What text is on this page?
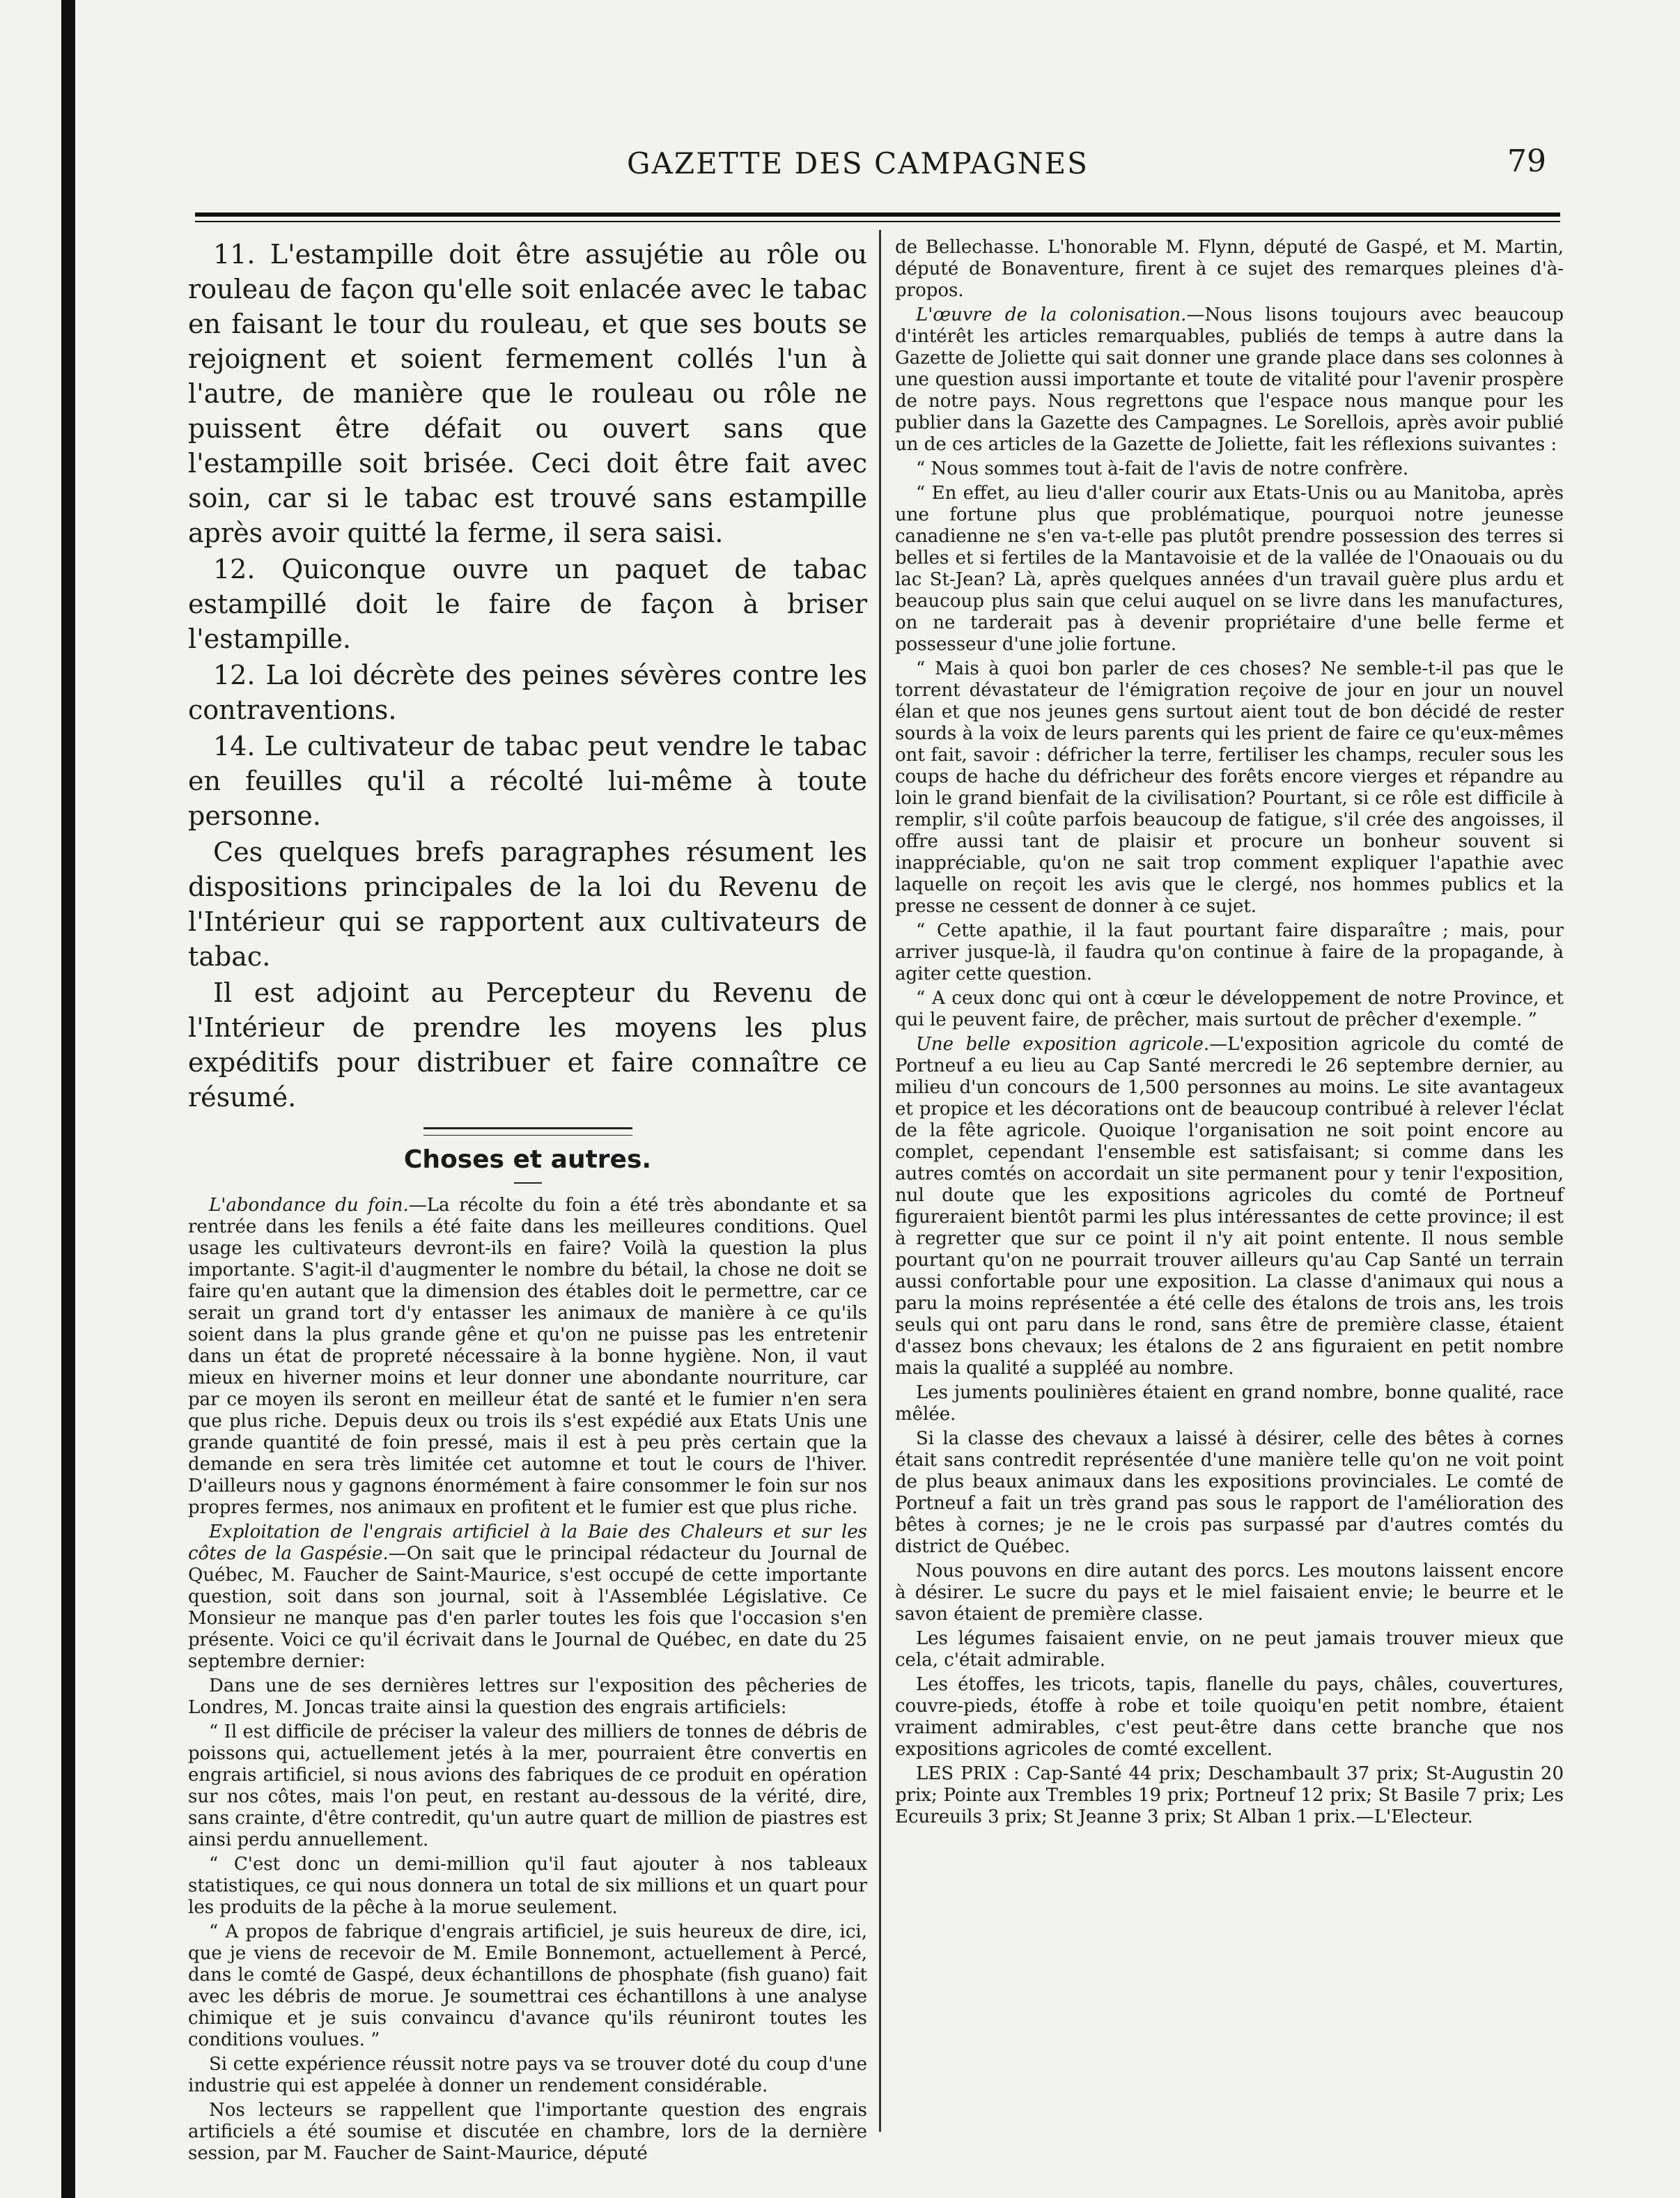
GAZETTE DES CAMPAGNES	79

11. L'estampille doit être assujétie au rôle ou rouleau de façon qu'elle soit enlacée avec le tabac en faisant le tour du rouleau, et que ses bouts se rejoignent et soient fermement collés l'un à l'autre, de manière que le rouleau ou rôle ne puissent être défait ou ouvert sans que l'estampille soit brisée. Ceci doit être fait avec soin, car si le tabac est trouvé sans estampille après avoir quitté la ferme, il sera saisi.

12. Quiconque ouvre un paquet de tabac estampillé doit le faire de façon à briser l'estampille.

12. La loi décrète des peines sévères contre les contraventions.

14. Le cultivateur de tabac peut vendre le tabac en feuilles qu'il a récolté lui-même à toute personne.

Ces quelques brefs paragraphes résument les dispositions principales de la loi du Revenu de l'Intérieur qui se rapportent aux cultivateurs de tabac.

Il est adjoint au Percepteur du Revenu de l'Intérieur de prendre les moyens les plus expéditifs pour distribuer et faire connaître ce résumé.

Choses et autres.

L'abondance du foin.—La récolte du foin a été très abondante et sa rentrée dans les fenils a été faite dans les meilleures conditions. Quel usage les cultivateurs devront-ils en faire? Voilà la question la plus importante. S'agit-il d'augmenter le nombre du bétail, la chose ne doit se faire qu'en autant que la dimension des étables doit le permettre, car ce serait un grand tort d'y entasser les animaux de manière à ce qu'ils soient dans la plus grande gêne et qu'on ne puisse pas les entretenir dans un état de propreté nécessaire à la bonne hygiène. Non, il vaut mieux en hiverner moins et leur donner une abondante nourriture, car par ce moyen ils seront en meilleur état de santé et le fumier n'en sera que plus riche. Depuis deux ou trois ils s'est expédié aux Etats Unis une grande quantité de foin pressé, mais il est à peu près certain que la demande en sera très limitée cet automne et tout le cours de l'hiver. D'ailleurs nous y gagnons énormément à faire consommer le foin sur nos propres fermes, nos animaux en profitent et le fumier est que plus riche.

Exploitation de l'engrais artificiel à la Baie des Chaleurs et sur les côtes de la Gaspésie.—On sait que le principal rédacteur du Journal de Québec, M. Faucher de Saint-Maurice, s'est occupé de cette importante question, soit dans son journal, soit à l'Assemblée Législative. Ce Monsieur ne manque pas d'en parler toutes les fois que l'occasion s'en présente. Voici ce qu'il écrivait dans le Journal de Québec, en date du 25 septembre dernier:

Dans une de ses dernières lettres sur l'exposition des pêcheries de Londres, M. Joncas traite ainsi la question des engrais artificiels:

“ Il est difficile de préciser la valeur des milliers de tonnes de débris de poissons qui, actuellement jetés à la mer, pourraient être convertis en engrais artificiel, si nous avions des fabriques de ce produit en opération sur nos côtes, mais l'on peut, en restant au-dessous de la vérité, dire, sans crainte, d'être contredit, qu'un autre quart de million de piastres est ainsi perdu annuellement.

“ C'est donc un demi-million qu'il faut ajouter à nos tableaux statistiques, ce qui nous donnera un total de six millions et un quart pour les produits de la pêche à la morue seulement.

“ A propos de fabrique d'engrais artificiel, je suis heureux de dire, ici, que je viens de recevoir de M. Emile Bonnemont, actuellement à Percé, dans le comté de Gaspé, deux échantillons de phosphate (fish guano) fait avec les débris de morue. Je soumettrai ces échantillons à une analyse chimique et je suis convaincu d'avance qu'ils réuniront toutes les conditions voulues. ”

Si cette expérience réussit notre pays va se trouver doté du coup d'une industrie qui est appelée à donner un rendement considérable.

Nos lecteurs se rappellent que l'importante question des engrais artificiels a été soumise et discutée en chambre, lors de la dernière session, par M. Faucher de Saint-Maurice, député

de Bellechasse. L'honorable M. Flynn, député de Gaspé, et M. Martin, député de Bonaventure, firent à ce sujet des remarques pleines d'à-propos.

L'œuvre de la colonisation.—Nous lisons toujours avec beaucoup d'intérêt les articles remarquables, publiés de temps à autre dans la Gazette de Joliette qui sait donner une grande place dans ses colonnes à une question aussi importante et toute de vitalité pour l'avenir prospère de notre pays. Nous regrettons que l'espace nous manque pour les publier dans la Gazette des Campagnes. Le Sorellois, après avoir publié un de ces articles de la Gazette de Joliette, fait les réflexions suivantes :

“ Nous sommes tout à-fait de l'avis de notre confrère.

“ En effet, au lieu d'aller courir aux Etats-Unis ou au Manitoba, après une fortune plus que problématique, pourquoi notre jeunesse canadienne ne s'en va-t-elle pas plutôt prendre possession des terres si belles et si fertiles de la Mantavoisie et de la vallée de l'Onaouais ou du lac St-Jean? Là, après quelques années d'un travail guère plus ardu et beaucoup plus sain que celui auquel on se livre dans les manufactures, on ne tarderait pas à devenir propriétaire d'une belle ferme et possesseur d'une jolie fortune.

“ Mais à quoi bon parler de ces choses? Ne semble-t-il pas que le torrent dévastateur de l'émigration reçoive de jour en jour un nouvel élan et que nos jeunes gens surtout aient tout de bon décidé de rester sourds à la voix de leurs parents qui les prient de faire ce qu'eux-mêmes ont fait, savoir : défricher la terre, fertiliser les champs, reculer sous les coups de hache du défricheur des forêts encore vierges et répandre au loin le grand bienfait de la civilisation? Pourtant, si ce rôle est difficile à remplir, s'il coûte parfois beaucoup de fatigue, s'il crée des angoisses, il offre aussi tant de plaisir et procure un bonheur souvent si inappréciable, qu'on ne sait trop comment expliquer l'apathie avec laquelle on reçoit les avis que le clergé, nos hommes publics et la presse ne cessent de donner à ce sujet.

“ Cette apathie, il la faut pourtant faire disparaître ; mais, pour arriver jusque-là, il faudra qu'on continue à faire de la propagande, à agiter cette question.

“ A ceux donc qui ont à cœur le développement de notre Province, et qui le peuvent faire, de prêcher, mais surtout de prêcher d'exemple. ”

Une belle exposition agricole.—L'exposition agricole du comté de Portneuf a eu lieu au Cap Santé mercredi le 26 septembre dernier, au milieu d'un concours de 1,500 personnes au moins. Le site avantageux et propice et les décorations ont de beaucoup contribué à relever l'éclat de la fête agricole. Quoique l'organisation ne soit point encore au complet, cependant l'ensemble est satisfaisant; si comme dans les autres comtés on accordait un site permanent pour y tenir l'exposition, nul doute que les expositions agricoles du comté de Portneuf figureraient bientôt parmi les plus intéressantes de cette province; il est à regretter que sur ce point il n'y ait point entente. Il nous semble pourtant qu'on ne pourrait trouver ailleurs qu'au Cap Santé un terrain aussi confortable pour une exposition. La classe d'animaux qui nous a paru la moins représentée a été celle des étalons de trois ans, les trois seuls qui ont paru dans le rond, sans être de première classe, étaient d'assez bons chevaux; les étalons de 2 ans figuraient en petit nombre mais la qualité a suppléé au nombre.

Les juments poulinières étaient en grand nombre, bonne qualité, race mêlée.

Si la classe des chevaux a laissé à désirer, celle des bêtes à cornes était sans contredit représentée d'une manière telle qu'on ne voit point de plus beaux animaux dans les expositions provinciales. Le comté de Portneuf a fait un très grand pas sous le rapport de l'amélioration des bêtes à cornes; je ne le crois pas surpassé par d'autres comtés du district de Québec.

Nous pouvons en dire autant des porcs. Les moutons laissent encore à désirer. Le sucre du pays et le miel faisaient envie; le beurre et le savon étaient de première classe.

Les légumes faisaient envie, on ne peut jamais trouver mieux que cela, c'était admirable.

Les étoffes, les tricots, tapis, flanelle du pays, châles, couvertures, couvre-pieds, étoffe à robe et toile quoiqu'en petit nombre, étaient vraiment admirables, c'est peut-être dans cette branche que nos expositions agricoles de comté excellent.

LES PRIX : Cap-Santé 44 prix; Deschambault 37 prix; St-Augustin 20 prix; Pointe aux Trembles 19 prix; Portneuf 12 prix; St Basile 7 prix; Les Ecureuils 3 prix; St Jeanne 3 prix; St Alban 1 prix.—L'Electeur.
